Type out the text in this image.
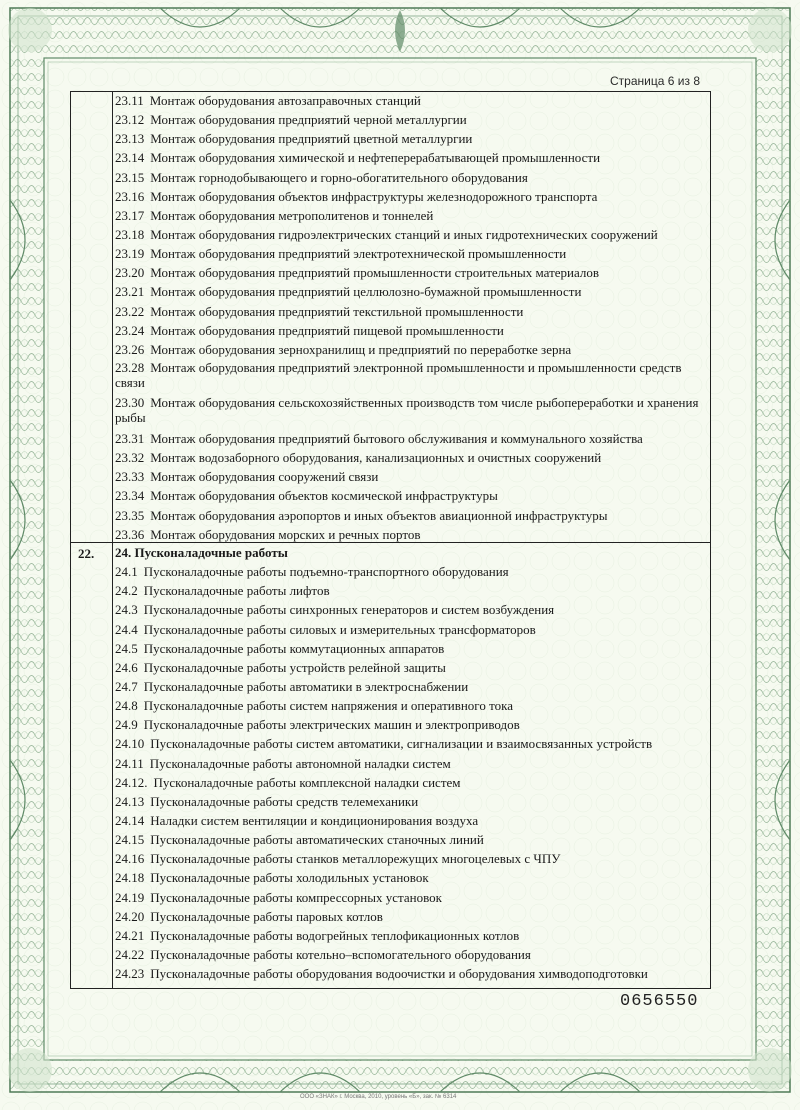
Страница 6 из 8
23.11 Монтаж оборудования автозаправочных станций
23.12 Монтаж оборудования предприятий черной металлургии
23.13 Монтаж оборудования предприятий цветной металлургии
23.14 Монтаж оборудования химической и нефтеперерабатывающей промышленности
23.15 Монтаж горнодобывающего и горно-обогатительного оборудования
23.16 Монтаж оборудования объектов инфраструктуры железнодорожного транспорта
23.17 Монтаж оборудования метрополитенов и тоннелей
23.18 Монтаж оборудования гидроэлектрических станций и иных гидротехнических сооружений
23.19 Монтаж оборудования предприятий электротехнической промышленности
23.20 Монтаж оборудования предприятий промышленности строительных материалов
23.21 Монтаж оборудования предприятий целлюлозно-бумажной промышленности
23.22 Монтаж оборудования предприятий текстильной промышленности
23.24 Монтаж оборудования предприятий пищевой промышленности
23.26 Монтаж оборудования зернохранилищ и предприятий по переработке зерна
23.28 Монтаж оборудования предприятий электронной промышленности и промышленности средств связи
23.30 Монтаж оборудования сельскохозяйственных производств том числе рыбопереработки и хранения рыбы
23.31 Монтаж оборудования предприятий бытового обслуживания и коммунального хозяйства
23.32 Монтаж водозаборного оборудования, канализационных и очистных сооружений
23.33 Монтаж оборудования сооружений связи
23.34 Монтаж оборудования объектов космической инфраструктуры
23.35 Монтаж оборудования аэропортов и иных объектов авиационной инфраструктуры
23.36 Монтаж оборудования морских и речных портов
22. 24. Пусконаладочные работы
24.1 Пусконаладочные работы подъемно-транспортного оборудования
24.2 Пусконаладочные работы лифтов
24.3 Пусконаладочные работы синхронных генераторов и систем возбуждения
24.4 Пусконаладочные работы силовых и измерительных трансформаторов
24.5 Пусконаладочные работы коммутационных аппаратов
24.6 Пусконаладочные работы устройств релейной защиты
24.7 Пусконаладочные работы автоматики в электроснабжении
24.8 Пусконаладочные работы систем напряжения и оперативного тока
24.9 Пусконаладочные работы электрических машин и электроприводов
24.10 Пусконаладочные работы систем автоматики, сигнализации и взаимосвязанных устройств
24.11 Пусконаладочные работы автономной наладки систем
24.12. Пусконаладочные работы комплексной наладки систем
24.13 Пусконаладочные работы средств телемеханики
24.14 Наладки систем вентиляции и кондиционирования воздуха
24.15 Пусконаладочные работы автоматических станочных линий
24.16 Пусконаладочные работы станков металлорежущих многоцелевых с ЧПУ
24.18 Пусконаладочные работы холодильных установок
24.19 Пусконаладочные работы компрессорных установок
24.20 Пусконаладочные работы паровых котлов
24.21 Пусконаладочные работы водогрейных теплофикационных котлов
24.22 Пусконаладочные работы котельно–вспомогательного оборудования
24.23 Пусконаладочные работы оборудования водоочистки и оборудования химводоподготовки
0656550
ООО «ЗНАК» г. Москва, 2010, уровень «Б», зак. № 6314
